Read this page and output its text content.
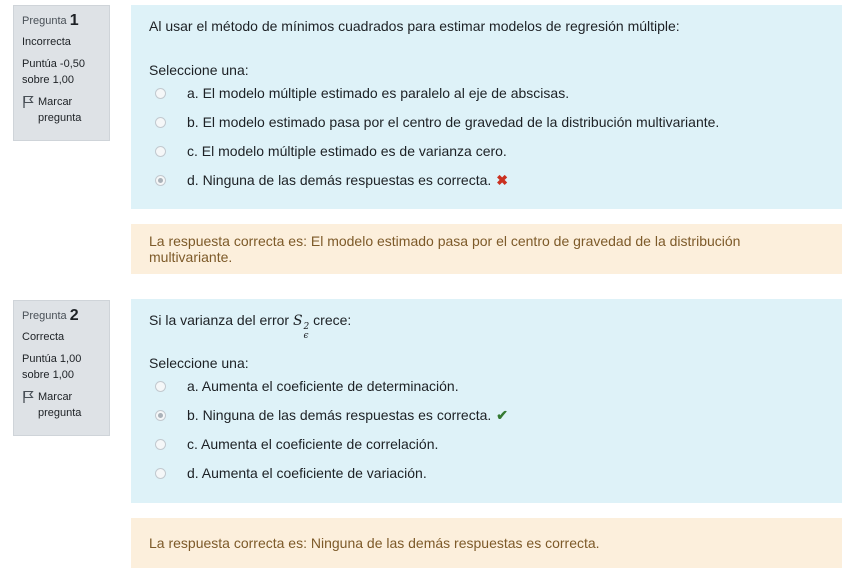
Pregunta 1
Incorrecta
Puntúa -0,50
sobre 1,00
Marcar
pregunta
Al usar el método de mínimos cuadrados para estimar modelos de regresión múltiple:
Seleccione una:
a. El modelo múltiple estimado es paralelo al eje de abscisas.
b. El modelo estimado pasa por el centro de gravedad de la distribución multivariante.
c. El modelo múltiple estimado es de varianza cero.
d. Ninguna de las demás respuestas es correcta. ✖
La respuesta correcta es: El modelo estimado pasa por el centro de gravedad de la distribución multivariante.
Pregunta 2
Correcta
Puntúa 1,00
sobre 1,00
Marcar
pregunta
Si la varianza del error S 2
ϵ
crece:
Seleccione una:
a. Aumenta el coeficiente de determinación.
b. Ninguna de las demás respuestas es correcta. ✔
c. Aumenta el coeficiente de correlación.
d. Aumenta el coeficiente de variación.
La respuesta correcta es: Ninguna de las demás respuestas es correcta.
